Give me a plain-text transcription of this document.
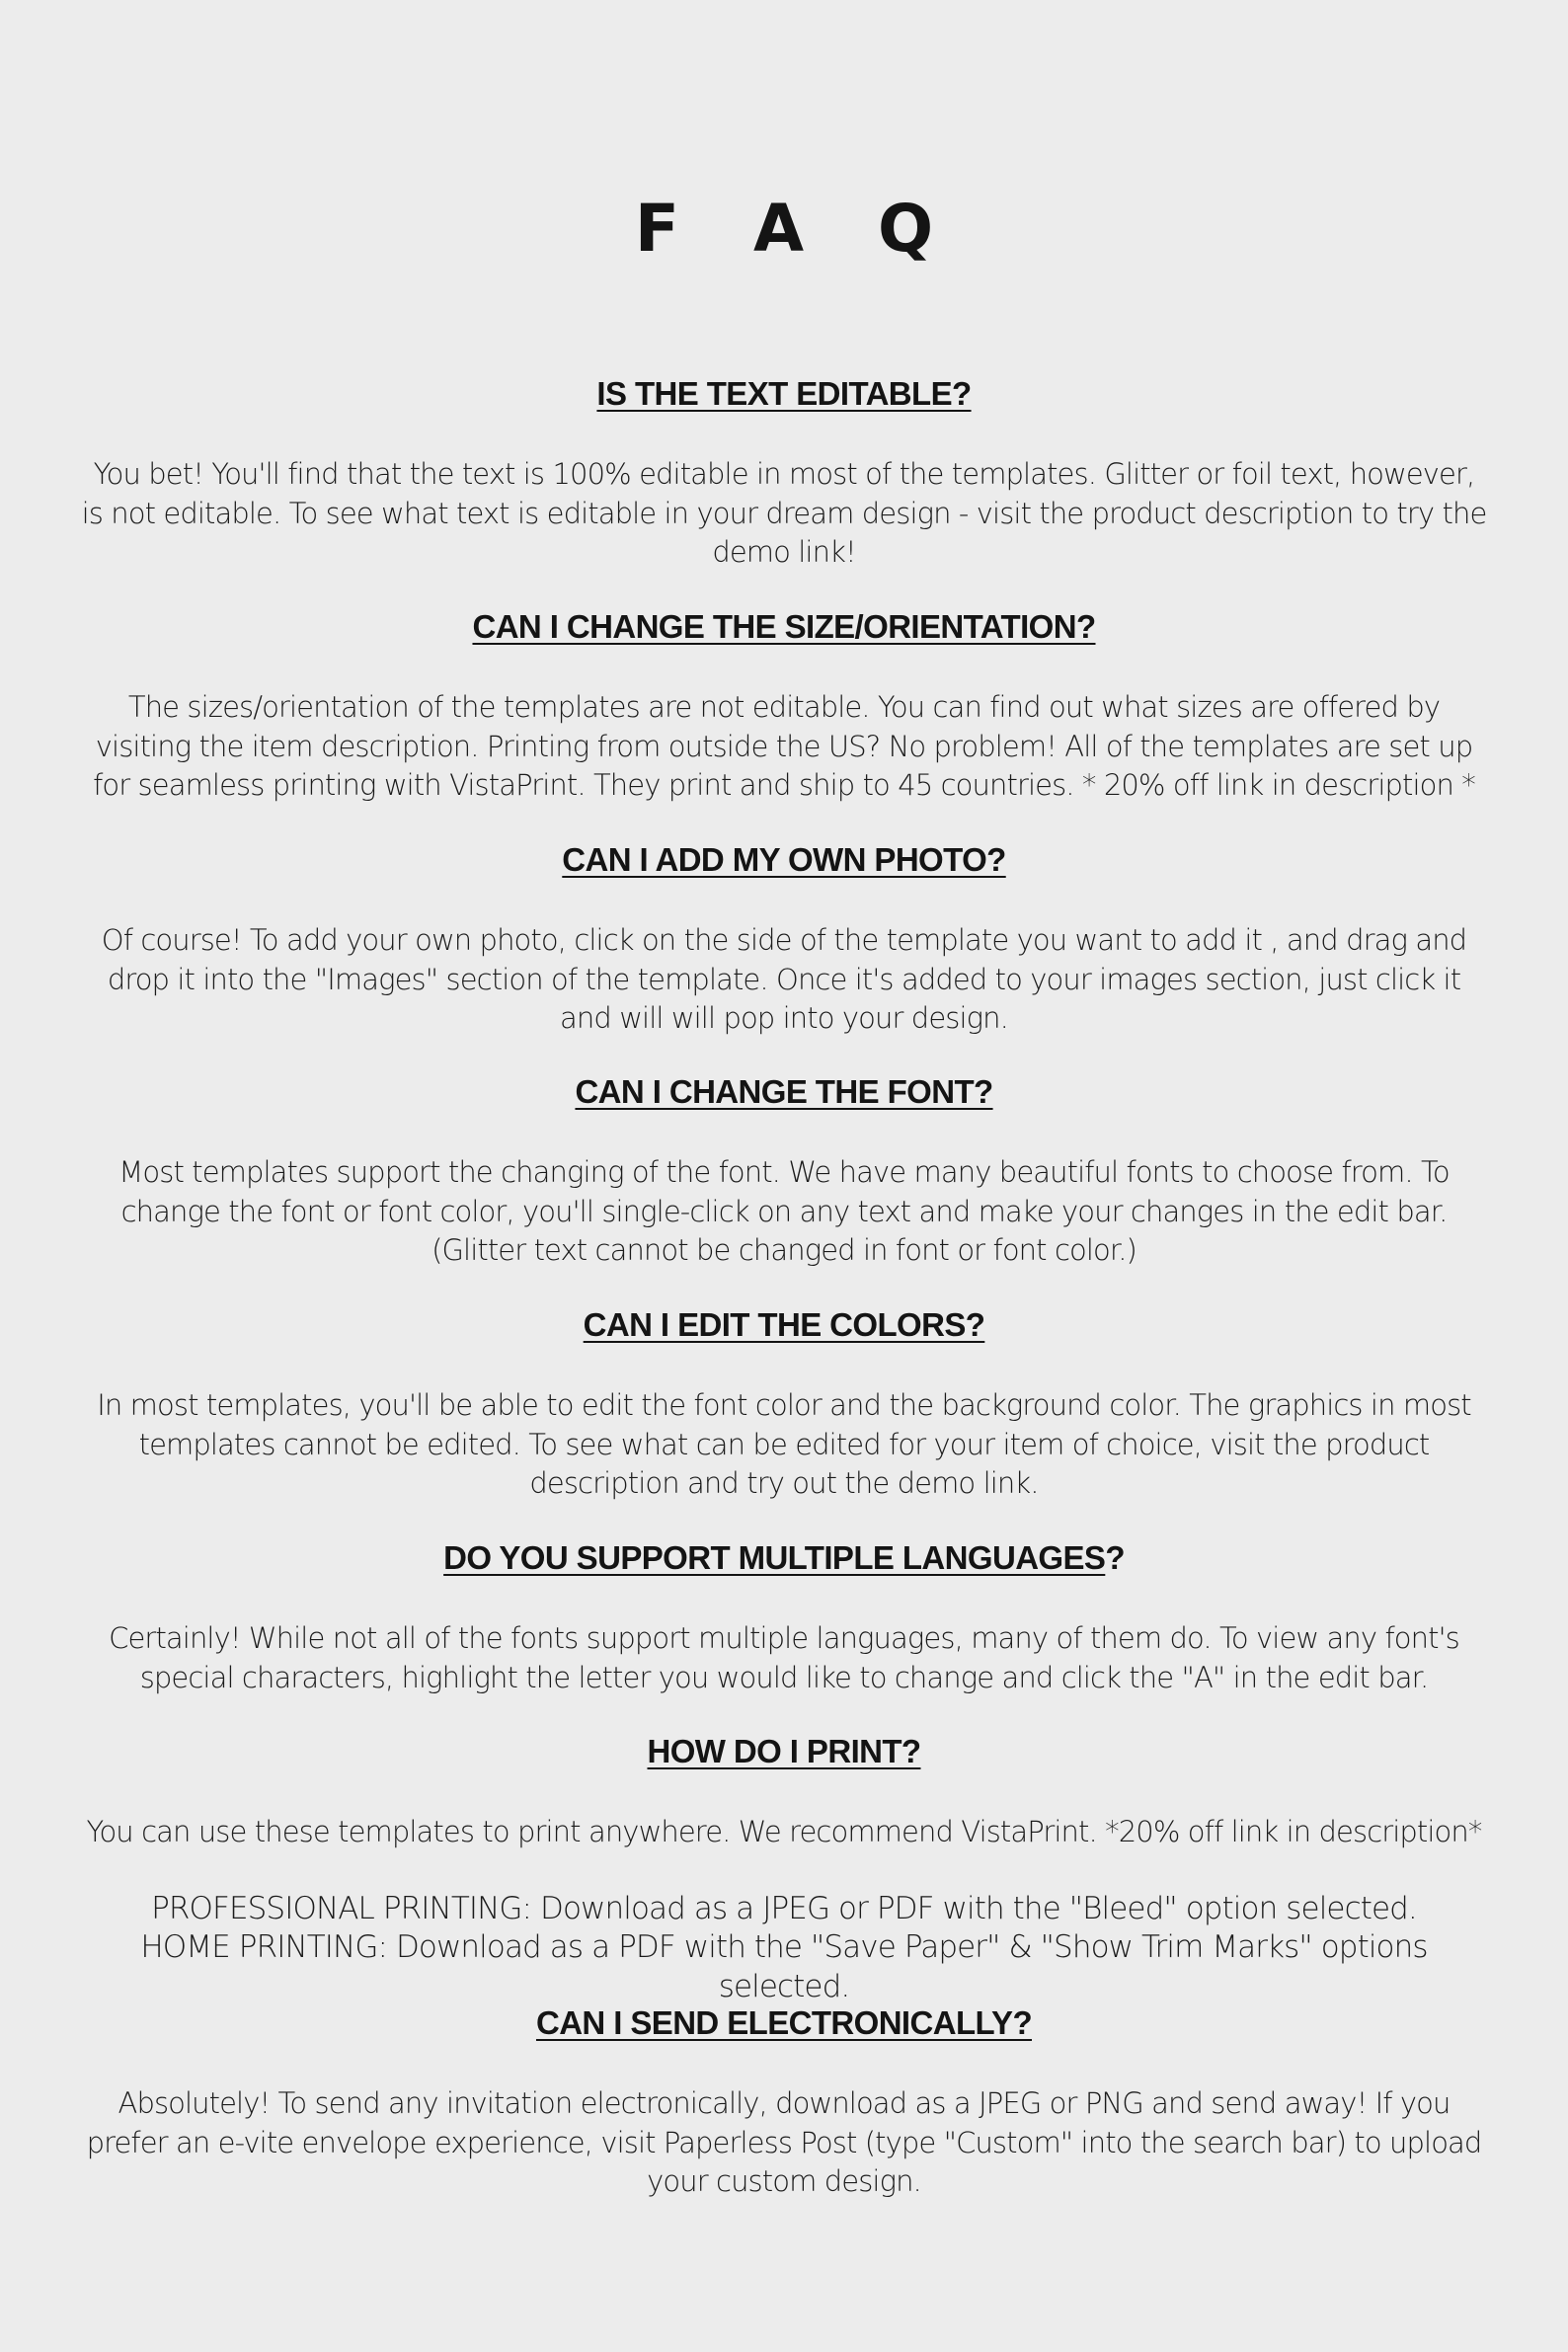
F A Q
IS THE TEXT EDITABLE?

You bet! You'll find that the text is 100% editable in most of the templates. Glitter or foil text, however, is not editable. To see what text is editable in your dream design - visit the product description to try the demo link!

CAN I CHANGE THE SIZE/ORIENTATION?

The sizes/orientation of the templates are not editable. You can find out what sizes are offered by visiting the item description. Printing from outside the US? No problem! All of the templates are set up for seamless printing with VistaPrint. They print and ship to 45 countries. * 20% off link in description *

CAN I ADD MY OWN PHOTO?

Of course! To add your own photo, click on the side of the template you want to add it , and drag and drop it into the "Images" section of the template. Once it's added to your images section, just click it and will will pop into your design.

CAN I CHANGE THE FONT?

Most templates support the changing of the font. We have many beautiful fonts to choose from. To change the font or font color, you'll single-click on any text and make your changes in the edit bar. (Glitter text cannot be changed in font or font color.)

CAN I EDIT THE COLORS?

In most templates, you'll be able to edit the font color and the background color. The graphics in most templates cannot be edited. To see what can be edited for your item of choice, visit the product description and try out the demo link.

DO YOU SUPPORT MULTIPLE LANGUAGES?

Certainly! While not all of the fonts support multiple languages, many of them do. To view any font's special characters, highlight the letter you would like to change and click the "A" in the edit bar.

HOW DO I PRINT?

You can use these templates to print anywhere. We recommend VistaPrint. *20% off link in description*

PROFESSIONAL PRINTING: Download as a JPEG or PDF with the "Bleed" option selected.

HOME PRINTING: Download as a PDF with the "Save Paper" & "Show Trim Marks" options selected.

CAN I SEND ELECTRONICALLY?

Absolutely! To send any invitation electronically, download as a JPEG or PNG and send away! If you prefer an e-vite envelope experience, visit Paperless Post (type "Custom" into the search bar) to upload your custom design.
